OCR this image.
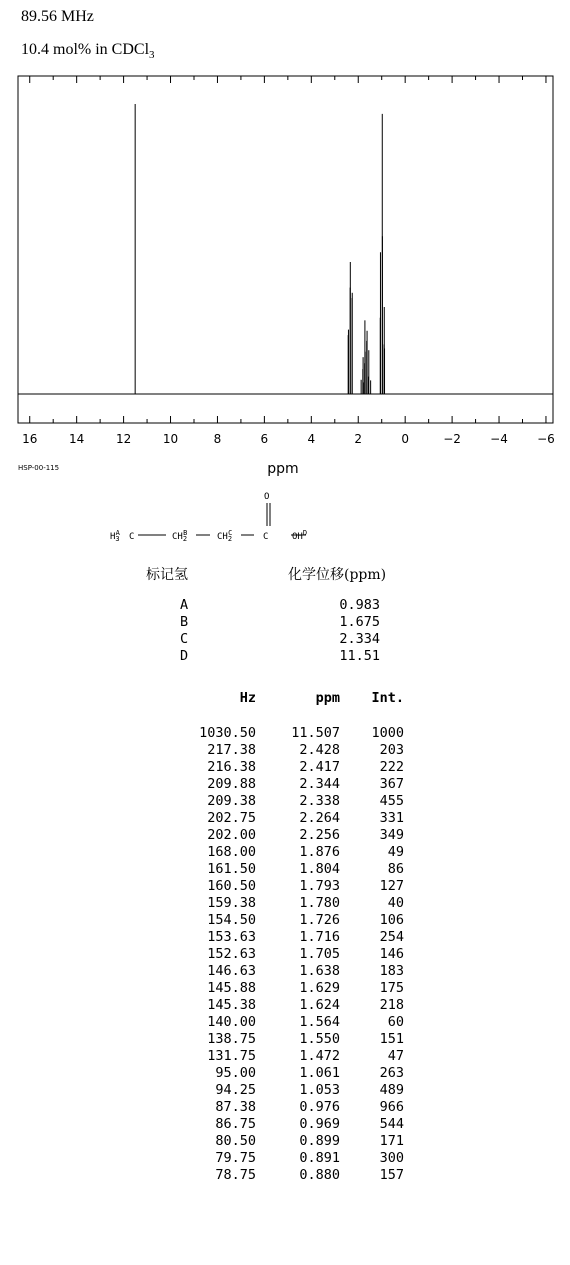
89.56 MHz
10.4 mol% in CDCl$_3$
16	14	12	10	8	6	4	2	0	−2 −4 −6
ppm
HSP-00-115
$H_3A$ C	$CH_2B$	$CH_2C$	C
O
$OH^D$
标记氢	化学位移(ppm)
A	0.983
B	1.675
C	2.334
D	11.51
Hz	ppm	Int.
1030.50	11.507	1000
217.38	2.428	203
216.38	2.417	222
209.88	2.344	367
209.38	2.338	455
202.75	2.264	331
202.00	2.256	349
168.00	1.876	49
161.50	1.804	86
160.50	1.793	127
159.38	1.780	40
154.50	1.726	106
153.63	1.716	254
152.63	1.705	146
146.63	1.638	183
145.88	1.629	175
145.38	1.624	218
140.00	1.564	60
138.75	1.550	151
131.75	1.472	47
95.00	1.061	263
94.25	1.053	489
87.38	0.976	966
86.75	0.969	544
80.50	0.899	171
79.75	0.891	300
78.75	0.880	157
